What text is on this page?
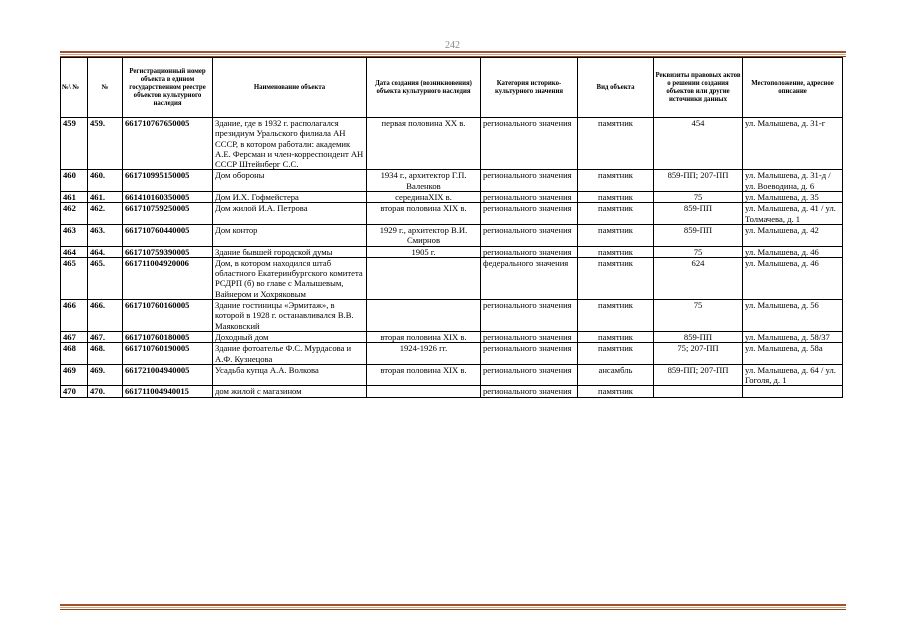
242
№\ №	№	Регистрационный номер объекта в едином государственном реестре объектов культурного наследия	Наименование объекта	Дата создания (возникновения) объекта культурного наследия	Категория историко-культурного значения	Вид объекта	Реквизиты правовых актов о решении создания объектов или другие источники данных	Местоположение, адресное описание
459	459.	661710767650005	Здание, где в 1932 г. располагался президиум Уральского филиала АН СССР, в котором работали: академик А.Е. Ферсман и член-корреспондент АН СССР Штейнберг С.С.	первая половина XX в.	регионального значения	памятник	454	ул. Малышева, д. 31-г
460	460.	661710995150005	Дом обороны	1934 г., архитектор Г.П. Валенков	регионального значения	памятник	859-ПП; 207-ПП	ул. Малышева, д. 31-д / ул. Воеводина, д. 6
461	461.	661410160350005	Дом И.Х. Гофмейстера	серединаXIX в.	регионального значения	памятник	75	ул. Малышева, д. 35
462	462.	661710759250005	Дом жилой И.А. Петрова	вторая половина XIX в.	регионального значения	памятник	859-ПП	ул. Малышева, д. 41 / ул. Толмачева, д. 1
463	463.	661710760440005	Дом контор	1929 г., архитектор В.И. Смирнов	регионального значения	памятник	859-ПП	ул. Малышева, д. 42
464	464.	661710759390005	Здание бывшей городской думы	1905 г.	регионального значения	памятник	75	ул. Малышева, д. 46
465	465.	661711004920006	Дом, в котором находился штаб областного Екатеринбургского комитета РСДРП (б) во главе с Малышевым, Вайнером и Хохряковым		федерального значения	памятник	624	ул. Малышева, д. 46
466	466.	661710760160005	Здание гостиницы «Эрмитаж», в которой в 1928 г. останавливался В.В. Маяковский		регионального значения	памятник	75	ул. Малышева, д. 56
467	467.	661710760180005	Доходный дом	вторая половина XIX в.	регионального значения	памятник	859-ПП	ул. Малышева, д. 58/37
468	468.	661710760190005	Здание фотоателье Ф.С. Мурдасова и А.Ф. Кузнецова	1924-1926 гг.	регионального значения	памятник	75; 207-ПП	ул. Малышева, д. 58а
469	469.	661721004940005	Усадьба купца А.А. Волкова	вторая половина XIX в.	регионального значения	ансамбль	859-ПП; 207-ПП	ул. Малышева, д. 64 / ул. Гоголя, д. 1
470	470.	661711004940015	дом жилой с магазином		регионального значения	памятник		
